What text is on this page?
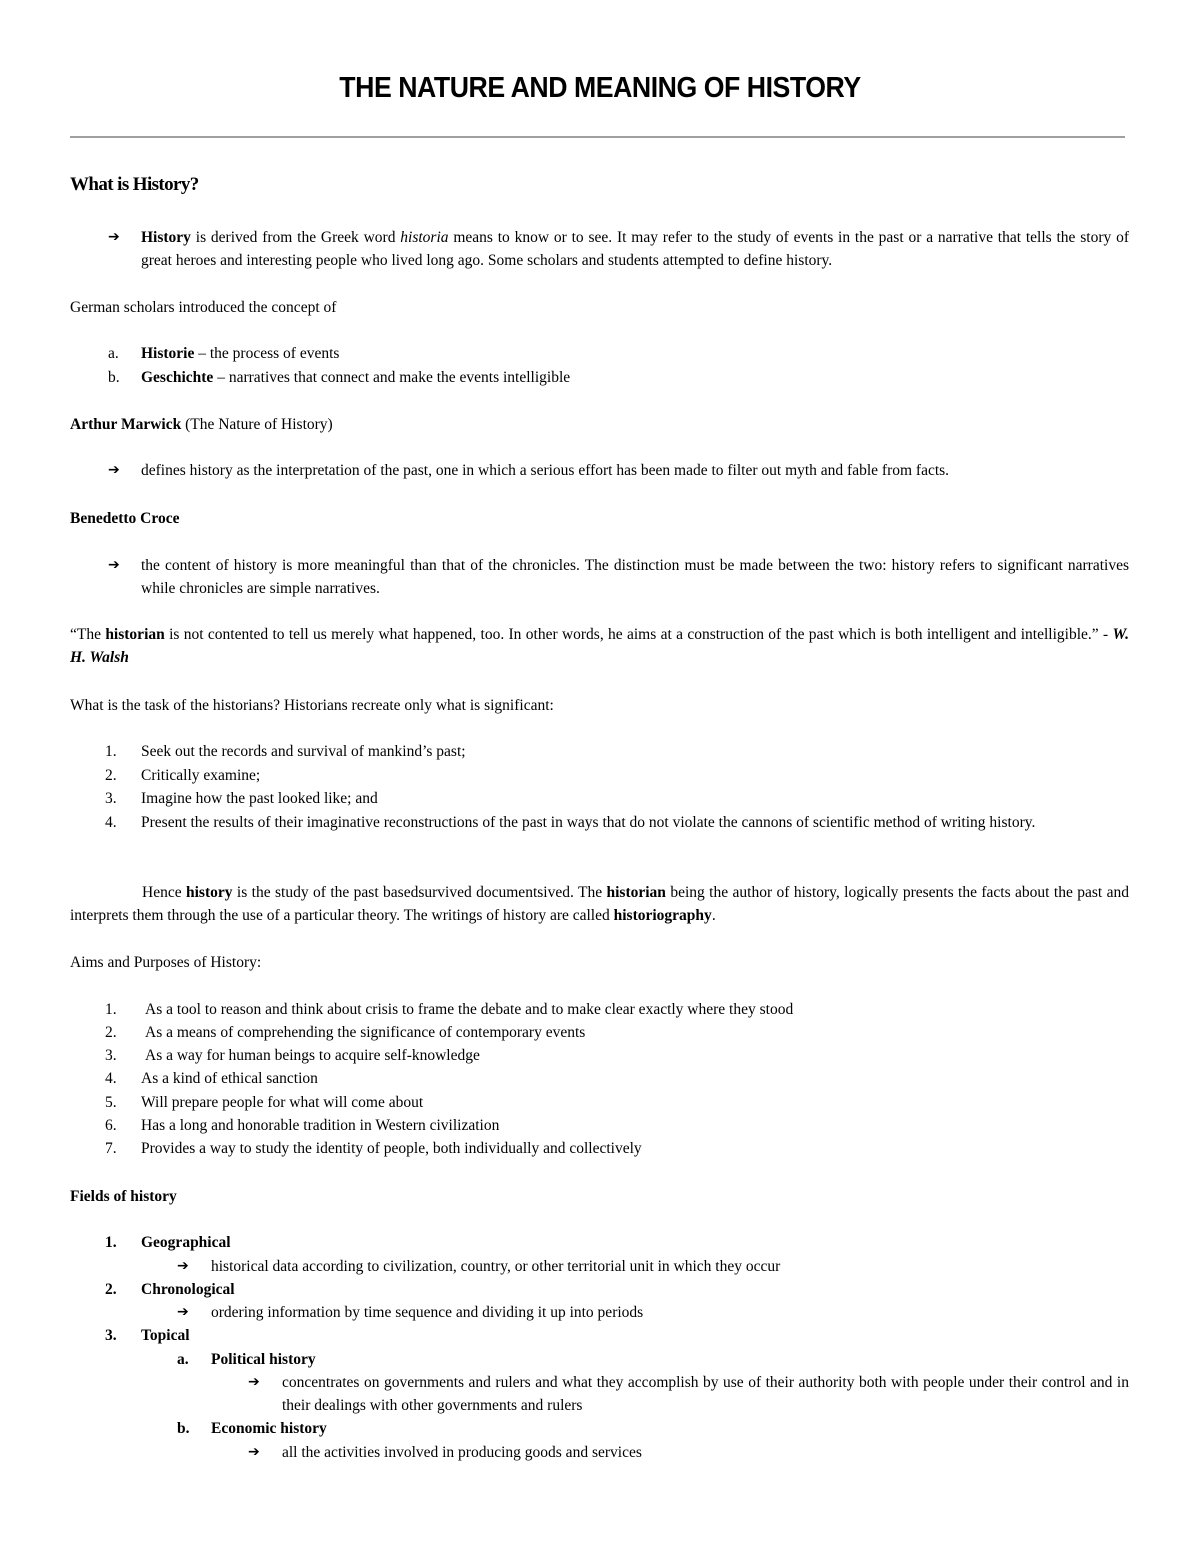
THE NATURE AND MEANING OF HISTORY
What is History?
➔ History is derived from the Greek word historia means to know or to see. It may refer to the study of events in the past or a narrative that tells the story of great heroes and interesting people who lived long ago. Some scholars and students attempted to define history.
German scholars introduced the concept of
a. Historie – the process of events
b. Geschichte – narratives that connect and make the events intelligible
Arthur Marwick (The Nature of History)
➔ defines history as the interpretation of the past, one in which a serious effort has been made to filter out myth and fable from facts.
Benedetto Croce
➔ the content of history is more meaningful than that of the chronicles. The distinction must be made between the two: history refers to significant narratives while chronicles are simple narratives.
“The historian is not contented to tell us merely what happened, too. In other words, he aims at a construction of the past which is both intelligent and intelligible.” - W. H. Walsh
What is the task of the historians? Historians recreate only what is significant:
1. Seek out the records and survival of mankind’s past;
2. Critically examine;
3. Imagine how the past looked like; and
4. Present the results of their imaginative reconstructions of the past in ways that do not violate the cannons of scientific method of writing history.
Hence history is the study of the past basedsurvived documentsived. The historian being the author of history, logically presents the facts about the past and interprets them through the use of a particular theory. The writings of history are called historiography.
Aims and Purposes of History:
1. As a tool to reason and think about crisis to frame the debate and to make clear exactly where they stood
2. As a means of comprehending the significance of contemporary events
3. As a way for human beings to acquire self-knowledge
4. As a kind of ethical sanction
5. Will prepare people for what will come about
6. Has a long and honorable tradition in Western civilization
7. Provides a way to study the identity of people, both individually and collectively
Fields of history
1. Geographical
➔ historical data according to civilization, country, or other territorial unit in which they occur
2. Chronological
➔ ordering information by time sequence and dividing it up into periods
3. Topical
a. Political history
➔ concentrates on governments and rulers and what they accomplish by use of their authority both with people under their control and in their dealings with other governments and rulers
b. Economic history
➔ all the activities involved in producing goods and services
